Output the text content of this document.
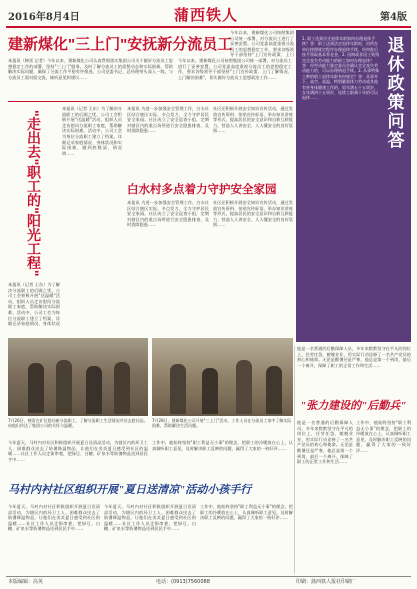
2016年8月4日	蒲西铁人	第4版
建新煤化"三上门"安抚新分流员工
本报讯（韩雷 记者）今年以来，建新煤化公司认真贯彻落实集团公司关于做好分流员工思想稳定工作的部署，坚持"三上门"服务，及时了解分流员工的思想动态和实际困难，帮助解决实际问题，确保了分流工作平稳有序推进。公司党委书记、总经理带头深入一线，与分流员工面对面交流，倾听意见和建议……
今年以来，建新煤化公司按照集团公司统一部署，对分流员工进行了妥善安置。公司党委高度重视分流员工的思想稳定工作，要求各级领导干部坚持"上门宣传政策、上门了解情况、上门解决困难"，切实做好分流员工思想政治工作……
今年以来，建新煤化公司按照集团公司统一部署，对分流员工进行了妥善安置。公司党委高度重视分流员工的思想稳定工作，要求各级领导干部坚持"上门宣传政策、上门
"走出去"职工的"阳光工程"
本报讯（记者 王东）为了解决分流职工的后顾之忧，公司工会积极开展"送温暖"活动，组织人员走访慰问分流职工家庭，帮助解决实际困难。活动中，公司工会为每位分流职工建立了档案，详细记录家庭情况、身体状况和实际困难，做到底数清、情况明……
本报讯（记者 王东）为了解决分流职工的后顾之忧，公司工会积极开展"送温暖"活动，组织人员走访慰问分流职工家庭，帮助解决实际困难。活动中，公司工会为每位分流职工建立了档案，详细记录家庭情况、身体状况
本报讯 为进一步加强安全管理工作，白水社区结合辖区实际，多点发力，全力守护居民安全家园。社区成立了安全巡查小组，定期对辖区内的重点场所进行安全隐患排查，及时消除隐患……
社区还积极开展安全知识宣传活动，通过发放宣传资料、张贴宣传标语、举办知识讲座等形式，提高居民的安全意识和自救互救能力，营造人人讲安全、人人懂安全的良好氛围……
白水村多点着力守护安全家园
本报讯 为进一步加强安全管理工作，白水社区结合辖区实际，多点发力，全力守护居民安全家园。社区成立了安全巡查小组，定期对辖区内的重点场所进行安全隐患排查，及时消除隐患……
社区还积极开展安全知识宣传活动，通过发放宣传资料、张贴宣传标语、举办知识讲座等形式，提高居民的安全意识和自救互救能力，营造人人讲安全、人人懂安全的良好氛围……
1. 职工达到法定退休年龄如何办理退休手续？答：职工达到法定退休年龄时，由所在单位按照规定程序办理退休手续，经审批后按月领取基本养老金。2. 因病或非因工致残完全丧失劳动能力的职工如何办理退休？答：经劳动能力鉴定委员会确认完全丧失劳动能力的，可以办理病退手续。3. 从事特殊工种的职工退休年龄有何规定？答：从事井下、高空、高温、特别繁重体力劳动或其他有害身体健康工作的，男年满五十五周岁，女年满四十五周岁，连续工龄满十年的可以退休……
退休政策问答
7月26日，韩雷在矿区慰问新分流职工，了解分流职工生活情况并送去慰问品，向他们传达了集团公司的关怀与温暖。
7月28日，建新煤化公司开展"三上门"活动，工作人员在分流员工家中了解实际困难，帮助解决生活问题。
他是一名普通的后勤保障人员，多年来默默坚守在平凡的岗位上，任劳任怨，兢兢业业，用实际行动诠释了一名共产党员的初心和使命。无论是酷暑还是严寒，他总是第一个到岗、最后一个离开，保障了职工的正常工作和生活……
"张力建设的"后勤兵"
他是一名普通的后勤保障人员，多年来默默坚守在平凡的岗位上，任劳任怨，兢兢业业，用实际行动诠释了一名共产党员的初心和使命。无论是酷暑还是严寒，他总是第一个到岗、最后一个离开，保障了职工的正常工作和生活……
工作中，他始终坚持"职工利益无小事"的理念，把职工的冷暖放在心上，认真倾听职工意见，及时解决职工反映的问题，赢得了大家的一致好评……
今年夏天，马村内衬社区积极组织开展夏日送清凉活动，为辖区内的环卫工人、困难群众送去了防暑降温物品，让他们在炎炎夏日感受到社区的温暖……社区工作人员走街串巷，把绿豆、白糖、矿泉水等防暑物品送到居民手中……
工作中，他始终坚持"职工利益无小事"的理念，把职工的冷暖放在心上，认真倾听职工意见，及时解决职工反映的问题，赢得了大家的一致好评……
马村内衬社区组织开展"夏日送清凉"活动小孩手行
今年夏天，马村内衬社区积极组织开展夏日送清凉活动，为辖区内的环卫工人、困难群众送去了防暑降温物品，让他们在炎炎夏日感受到社区的温暖……社区工作人员走街串巷，把绿豆、白糖、矿泉水等防暑物品送到居民手中……
今年夏天，马村内衬社区积极组织开展夏日送清凉活动，为辖区内的环卫工人、困难群众送去了防暑降温物品，让他们在炎炎夏日感受到社区的温暖……社区工作人员走街串巷，把绿豆、白糖、矿泉水等防暑物品送到居民手中……
工作中，他始终坚持"职工利益无小事"的理念，把职工的冷暖放在心上，认真倾听职工意见，及时解决职工反映的问题，赢得了大家的一致好评……
本版编辑：高英	电话：(0913)7560088	印刷：蒲西铁人报社印刷厂
